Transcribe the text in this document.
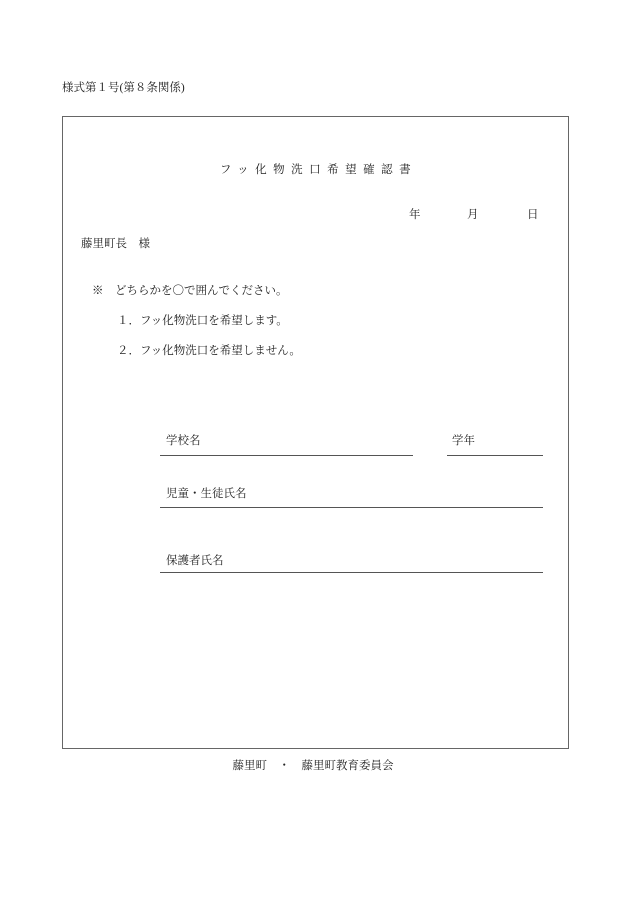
様式第１号(第８条関係)
フッ化物洗口希望確認書
年	月	日
藤里町長　様
※　どちらかを〇で囲んでください。
１．フッ化物洗口を希望します。
２．フッ化物洗口を希望しません。
学校名	学年
児童・生徒氏名
保護者氏名
藤里町　・　藤里町教育委員会
